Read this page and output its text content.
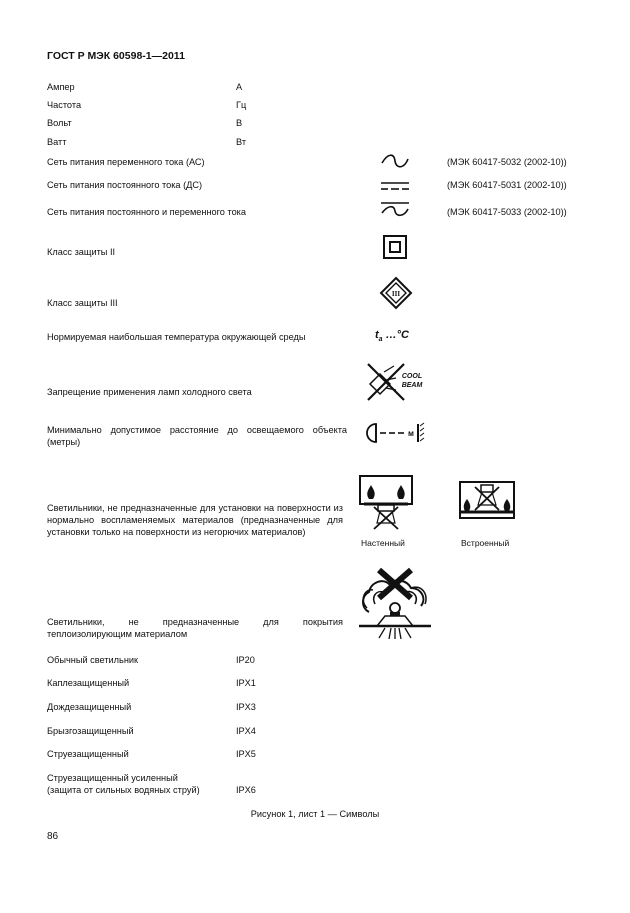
ГОСТ Р МЭК 60598-1—2011
Ампер	А
Частота	Гц
Вольт	В
Ватт	Вт
Сеть питания переменного тока (АС)	(МЭК 60417-5032 (2002-10))
Сеть питания постоянного тока (ДС)	(МЭК 60417-5031 (2002-10))
Сеть питания постоянного и переменного тока	(МЭК 60417-5033 (2002-10))
Класс защиты II
Класс защиты III
III
Нормируемая наибольшая температура окружающей среды	$t_a$ …°C
Запрещение применения ламп холодного света
COOL
BEAM
Минимально допустимое расстояние до освещаемого объекта (метры)
м
Светильники, не предназначенные для установки на поверхности из нормально воспламеняемых материалов (предназначенные для установки только на поверхности из негорючих материалов)
Настенный	Встроенный
Светильники, не предназначенные для покрытия теплоизолирующим материалом
Обычный светильник	IP20
Каплезащищенный	IPX1
Дождезащищенный	IPX3
Брызгозащищенный	IPX4
Струезащищенный	IPX5
Струезащищенный усиленный
(защита от сильных водяных струй)	IPX6
Рисунок 1, лист 1 — Символы
86
